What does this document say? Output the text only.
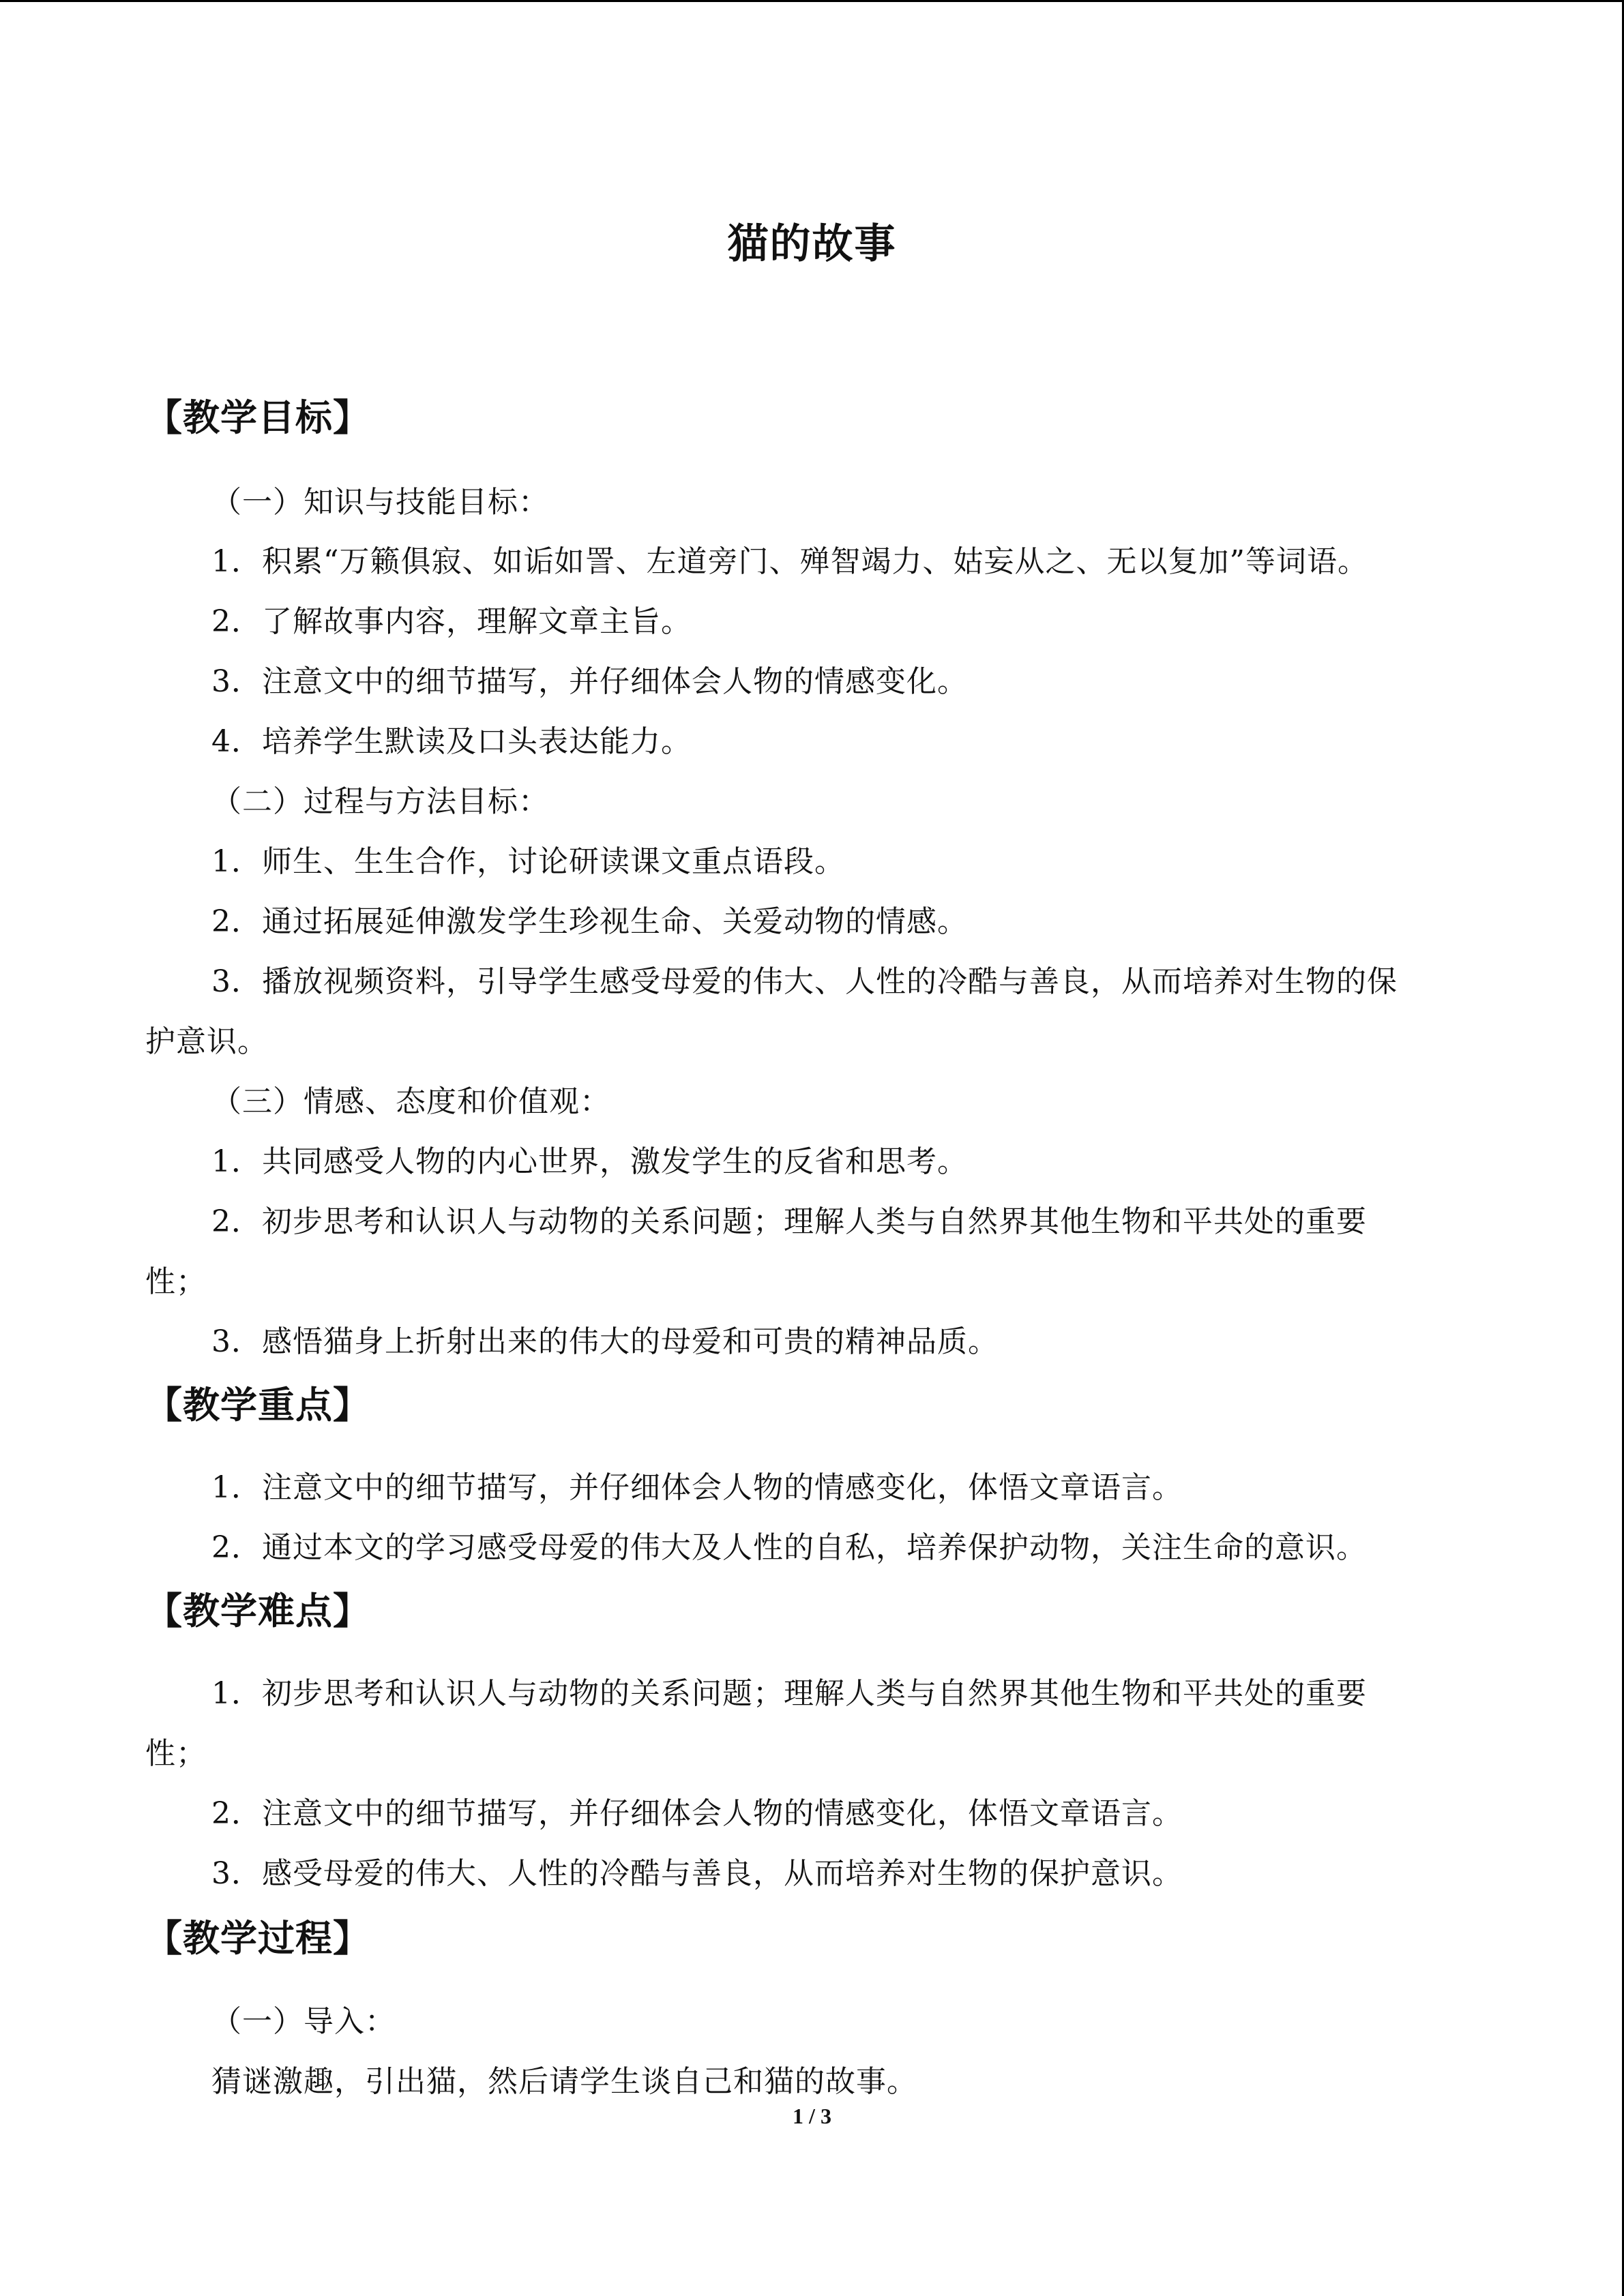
猫的故事
【教学目标】
（一）知识与技能目标：
1．积累“万籁俱寂、如诟如詈、左道旁门、殚智竭力、姑妄从之、无以复加”等词语。
2．了解故事内容，理解文章主旨。
3．注意文中的细节描写，并仔细体会人物的情感变化。
4．培养学生默读及口头表达能力。
（二）过程与方法目标：
1．师生、生生合作，讨论研读课文重点语段。
2．通过拓展延伸激发学生珍视生命、关爱动物的情感。
3．播放视频资料，引导学生感受母爱的伟大、人性的冷酷与善良，从而培养对生物的保
护意识。
（三）情感、态度和价值观：
1．共同感受人物的内心世界，激发学生的反省和思考。
2．初步思考和认识人与动物的关系问题；理解人类与自然界其他生物和平共处的重要
性；
3．感悟猫身上折射出来的伟大的母爱和可贵的精神品质。
【教学重点】
1．注意文中的细节描写，并仔细体会人物的情感变化，体悟文章语言。
2．通过本文的学习感受母爱的伟大及人性的自私，培养保护动物，关注生命的意识。
【教学难点】
1．初步思考和认识人与动物的关系问题；理解人类与自然界其他生物和平共处的重要
性；
2．注意文中的细节描写，并仔细体会人物的情感变化，体悟文章语言。
3．感受母爱的伟大、人性的冷酷与善良，从而培养对生物的保护意识。
【教学过程】
（一）导入：
猜谜激趣，引出猫，然后请学生谈自己和猫的故事。
1 / 3
